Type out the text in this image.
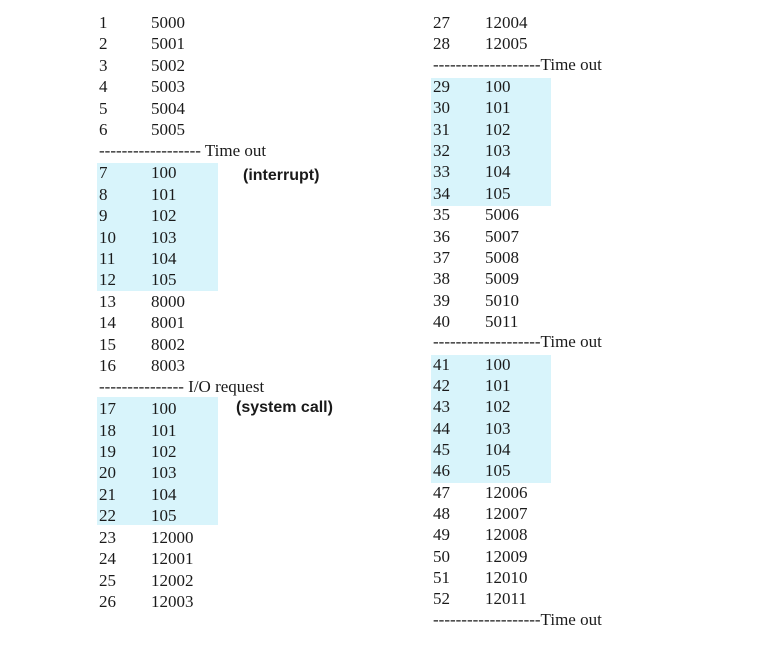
1	5000
2	5001
3	5002
4	5003
5	5004
6	5005
------------------ Time out
7	100
8	101
9	102
10 103
11 104
12 105
13 8000
14 8001
15 8002
16 8003
--------------- I/O request
17 100
18 101
19 102
20 103
21 104
22 105
23 12000
24 12001
25 12002
26 12003
27 12004
28 12005
-------------------Time out
29 100
30 101
31 102
32 103
33 104
34 105
35 5006
36 5007
37 5008
38 5009
39 5010
40 5011
-------------------Time out
41 100
42 101
43 102
44 103
45 104
46 105
47 12006
48 12007
49 12008
50 12009
51 12010
52 12011
-------------------Time out
(interrupt)
(system call)
